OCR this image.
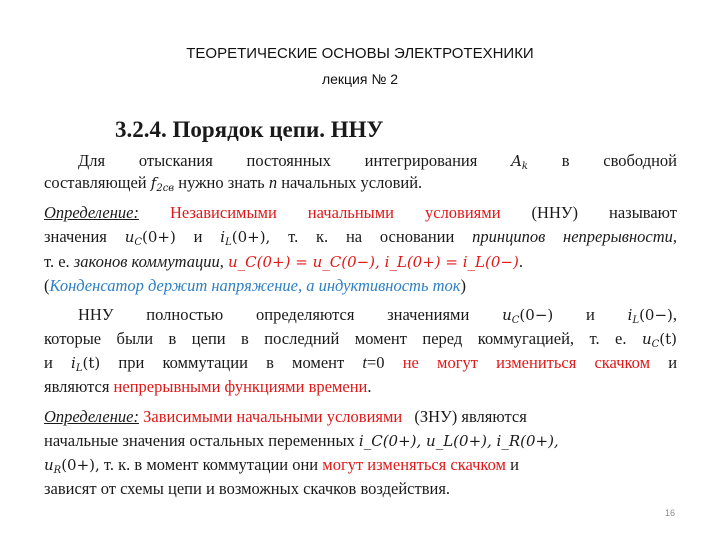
ТЕОРЕТИЧЕСКИЕ ОСНОВЫ ЭЛЕКТРОТЕХНИКИ
лекция № 2
3.2.4. Порядок цепи. ННУ
Для отыскания постоянных интегрирования $A_k$ в свободной
составляющей $f_{2св}$ нужно знать n начальных условий.
Определение: Независимыми начальными условиями (ННУ) называют
значения $u_C(0+)$ и $i_L(0+)$, т. к. на основании принципов непрерывности,
т. е. законов коммутации, u_C(0+) = u_C(0−), i_L(0+) = i_L(0−).
(Конденсатор держит напряжение, а индуктивность ток)
ННУ полностью определяются значениями $u_C(0-)$ и $i_L(0-)$,
которые были в цепи в последний момент перед коммугацией, т. е. $u_C(t)$
и $i_L(t)$ при коммутации в момент t=0 не могут измениться скачком и
являются непрерывными функциями времени.
Определение: Зависимыми начальными условиями (ЗНУ) являются
начальные значения остальных переменных i_C(0+), u_L(0+), i_R(0+),
$u_R(0+)$, т. к. в момент коммутации они могут изменяться скачком и
зависят от схемы цепи и возможных скачков воздействия.
16
